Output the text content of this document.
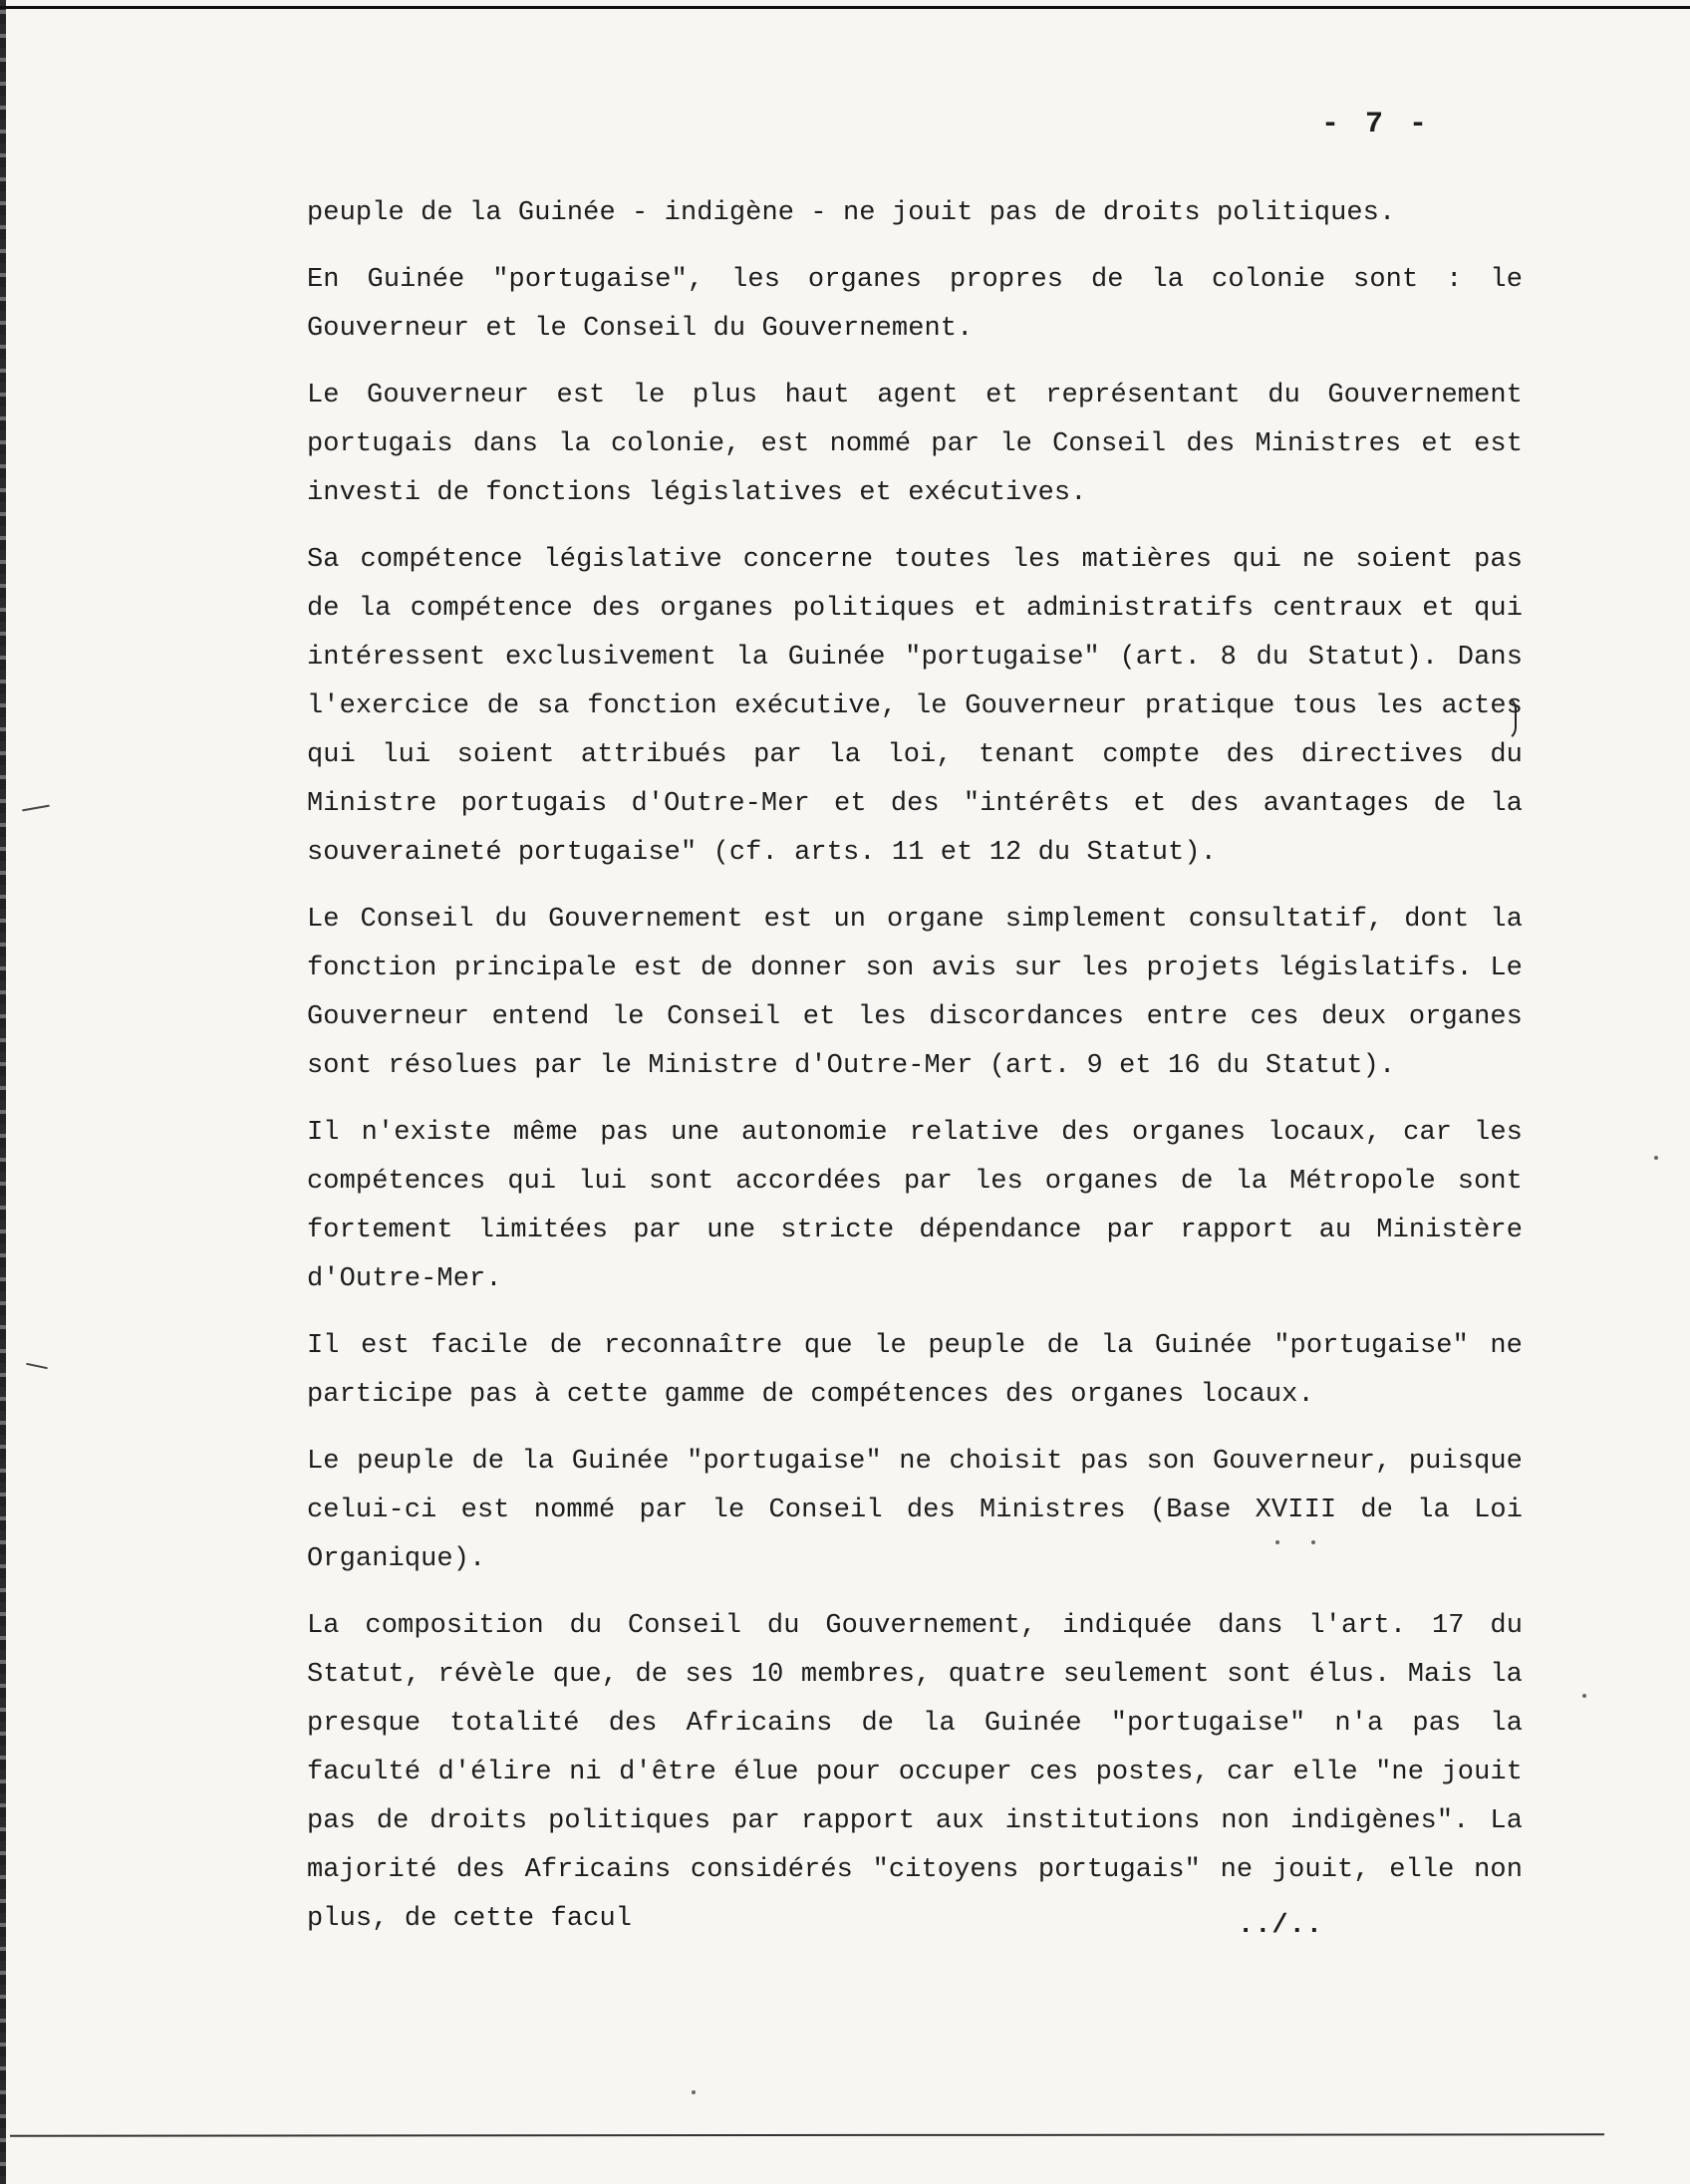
- 7 -

peuple de la Guinée - indigène - ne jouit pas de droits politiques.

En Guinée "portugaise", les organes propres de la colonie sont : le Gouverneur et le Conseil du Gouvernement.

Le Gouverneur est le plus haut agent et représentant du Gouvernement portugais dans la colonie, est nommé par le Conseil des Ministres et est investi de fonctions législatives et exécutives.

Sa compétence législative concerne toutes les matières qui ne soient pas de la compétence des organes politiques et administratifs centraux et qui intéressent exclusivement la Guinée "portugaise" (art. 8 du Statut). Dans l'exercice de sa fonction exécutive, le Gouverneur pratique tous les actes qui lui soient attribués par la loi, tenant compte des directives du Ministre portugais d'Outre-Mer et des "intérêts et des avantages de la souveraineté portugaise" (cf. arts. 11 et 12 du Statut).

Le Conseil du Gouvernement est un organe simplement consultatif, dont la fonction principale est de donner son avis sur les projets législatifs. Le Gouverneur entend le Conseil et les discordances entre ces deux organes sont résolues par le Ministre d'Outre-Mer (art. 9 et 16 du Statut).

Il n'existe même pas une autonomie relative des organes locaux, car les compétences qui lui sont accordées par les organes de la Métropole sont fortement limitées par une stricte dépendance par rapport au Ministère d'Outre-Mer.

Il est facile de reconnaître que le peuple de la Guinée "portugaise" ne participe pas à cette gamme de compétences des organes locaux.

Le peuple de la Guinée "portugaise" ne choisit pas son Gouverneur, puisque celui-ci est nommé par le Conseil des Ministres (Base XVIII de la Loi Organique).

La composition du Conseil du Gouvernement, indiquée dans l'art. 17 du Statut, révèle que, de ses 10 membres, quatre seulement sont élus. Mais la presque totalité des Africains de la Guinée "portugaise" n'a pas la faculté d'élire ni d'être élue pour occuper ces postes, car elle "ne jouit pas de droits politiques par rapport aux institutions non indigènes". La majorité des Africains considérés "citoyens portugais" ne jouit, elle non plus, de cette facul	../..
